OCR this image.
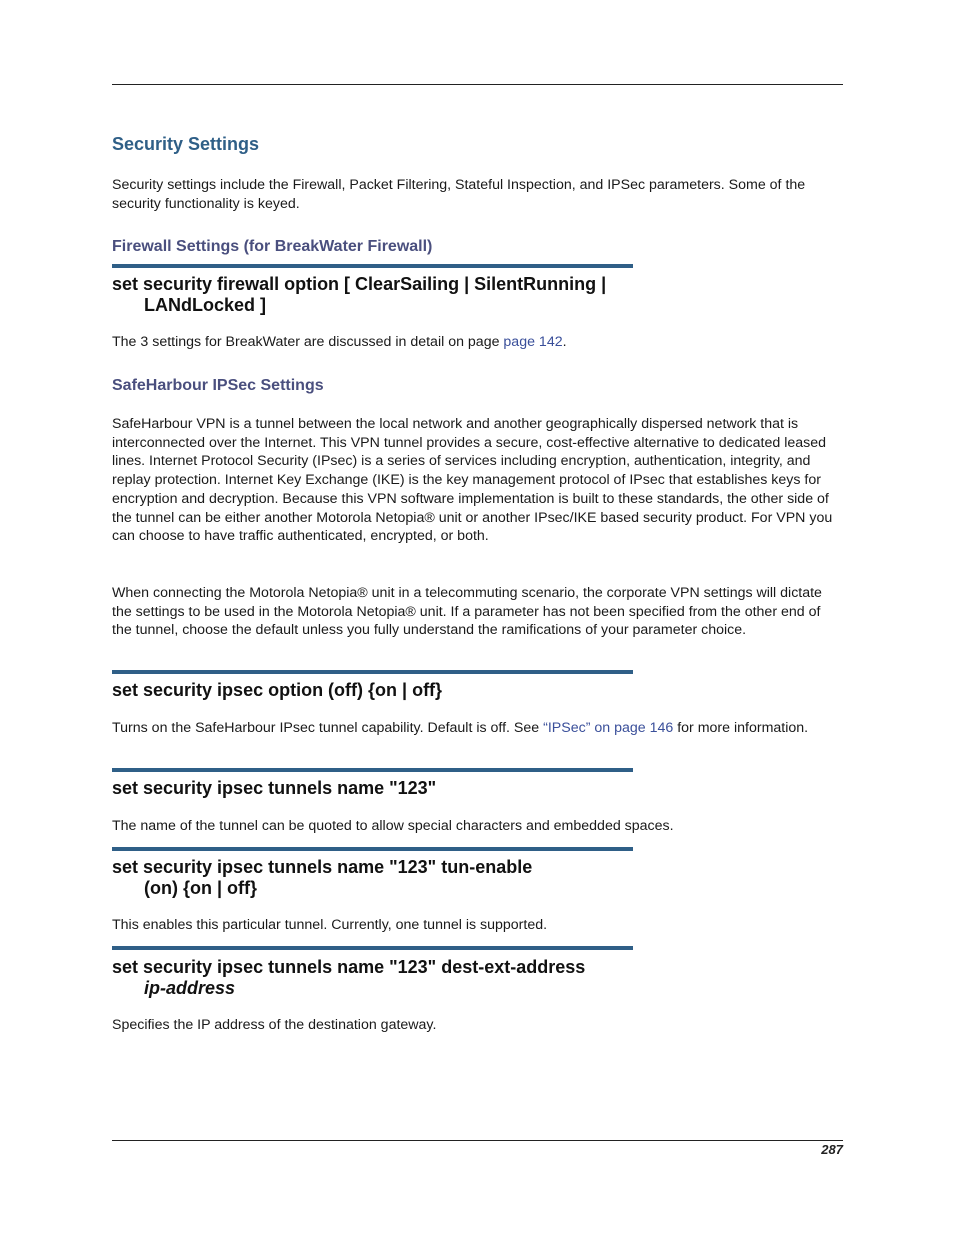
Security Settings
Security settings include the Firewall, Packet Filtering, Stateful Inspection, and IPSec parameters. Some of the security functionality is keyed.
Firewall Settings (for BreakWater Firewall)
set security firewall option [ ClearSailing | SilentRunning |
LANdLocked ]
The 3 settings for BreakWater are discussed in detail on page page 142.
SafeHarbour IPSec Settings
SafeHarbour VPN is a tunnel between the local network and another geographically dispersed network that is interconnected over the Internet. This VPN tunnel provides a secure, cost-effective alternative to dedicated leased lines. Internet Protocol Security (IPsec) is a series of services including encryption, authentication, integrity, and replay protection. Internet Key Exchange (IKE) is the key management protocol of IPsec that establishes keys for encryption and decryption. Because this VPN software implementation is built to these standards, the other side of the tunnel can be either another Motorola Netopia® unit or another IPsec/IKE based security product. For VPN you can choose to have traffic authenticated, encrypted, or both.
When connecting the Motorola Netopia® unit in a telecommuting scenario, the corporate VPN settings will dictate the settings to be used in the Motorola Netopia® unit. If a parameter has not been specified from the other end of the tunnel, choose the default unless you fully understand the ramifications of your parameter choice.
set security ipsec option (off) {on | off}
Turns on the SafeHarbour IPsec tunnel capability. Default is off. See “IPSec” on page 146 for more information.
set security ipsec tunnels name "123"
The name of the tunnel can be quoted to allow special characters and embedded spaces.
set security ipsec tunnels name "123" tun-enable
(on) {on | off}
This enables this particular tunnel. Currently, one tunnel is supported.
set security ipsec tunnels name "123" dest-ext-address
ip-address
Specifies the IP address of the destination gateway.
287
